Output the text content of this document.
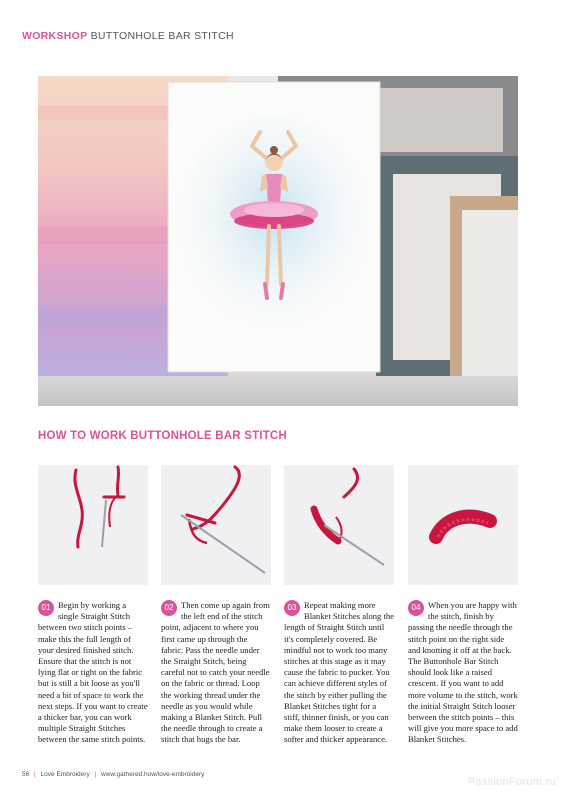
WORKSHOP BUTTONHOLE BAR STITCH
HOW TO WORK BUTTONHOLE BAR STITCH
01 Begin by working a single Straight Stitch between two stitch points – make this the full length of your desired finished stitch. Ensure that the stitch is not lying flat or tight on the fabric but is still a bit loose as you'll need a bit of space to work the next steps. If you want to create a thicker bar, you can work multiple Straight Stitches between the same stitch points.
02 Then come up again from the left end of the stitch point, adjacent to where you first came up through the fabric. Pass the needle under the Straight Stitch, being careful not to catch your needle on the fabric or thread. Loop the working thread under the needle as you would while making a Blanket Stitch. Pull the needle through to create a stitch that hugs the bar.
03 Repeat making more Blanket Stitches along the length of Straight Stitch until it's completely covered. Be mindful not to work too many stitches at this stage as it may cause the fabric to pucker. You can achieve different styles of the stitch by either pulling the Blanket Stitches tight for a stiff, thinner finish, or you can make them looser to create a softer and thicker appearance.
04 When you are happy with the stitch, finish by passing the needle through the stitch point on the right side and knotting it off at the back. The Buttonhole Bar Stitch should look like a raised crescent. If you want to add more volume to the stitch, work the initial Straight Stitch looser between the stitch points – this will give you more space to add Blanket Stitches.
56 | Love Embroidery | www.gathered.how/love-embroidery
PassionForum.ru
